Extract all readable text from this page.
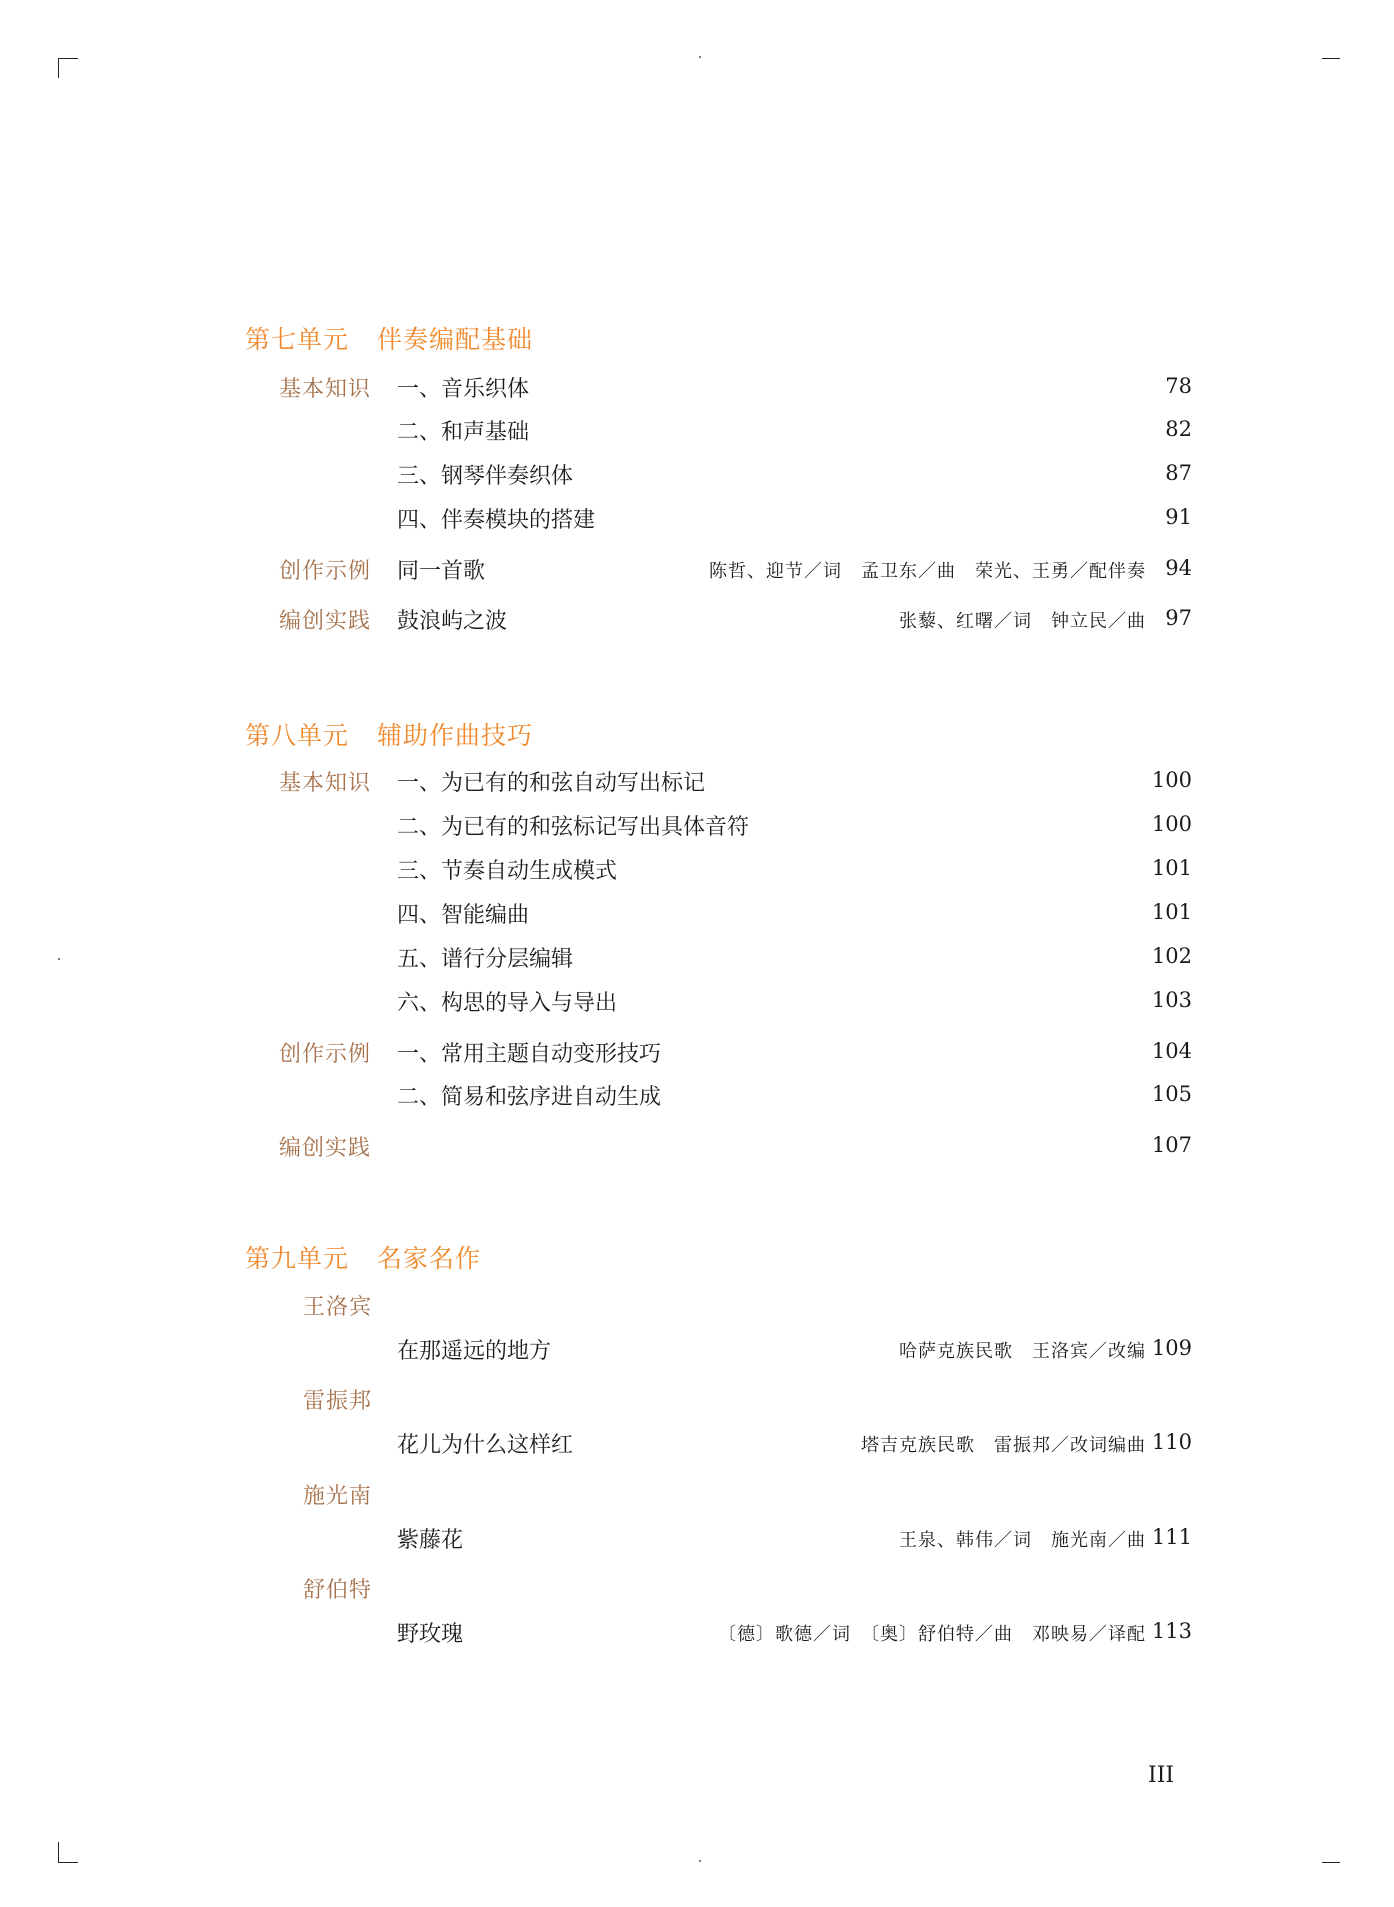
第七单元 伴奏编配基础
基本知识 一、音乐织体	78
二、和声基础	82
三、钢琴伴奏织体	87
四、伴奏模块的搭建	91
创作示例 同一首歌	陈哲、迎节／词　孟卫东／曲　荣光、王勇／配伴奏 94
编创实践 鼓浪屿之波	张藜、红曙／词　钟立民／曲 97
第八单元 辅助作曲技巧
基本知识 一、为已有的和弦自动写出标记	100
二、为已有的和弦标记写出具体音符	100
三、节奏自动生成模式	101
四、智能编曲	101
五、谱行分层编辑	102
六、构思的导入与导出	103
创作示例 一、常用主题自动变形技巧	104
二、简易和弦序进自动生成	105
编创实践	107
第九单元 名家名作
王洛宾
在那遥远的地方	哈萨克族民歌　王洛宾／改编 109
雷振邦
花儿为什么这样红	塔吉克族民歌　雷振邦／改词编曲 110
施光南
紫藤花	王泉、韩伟／词　施光南／曲 111
舒伯特
野玫瑰	〔德〕歌德／词　〔奥〕舒伯特／曲　邓映易／译配 113
III
